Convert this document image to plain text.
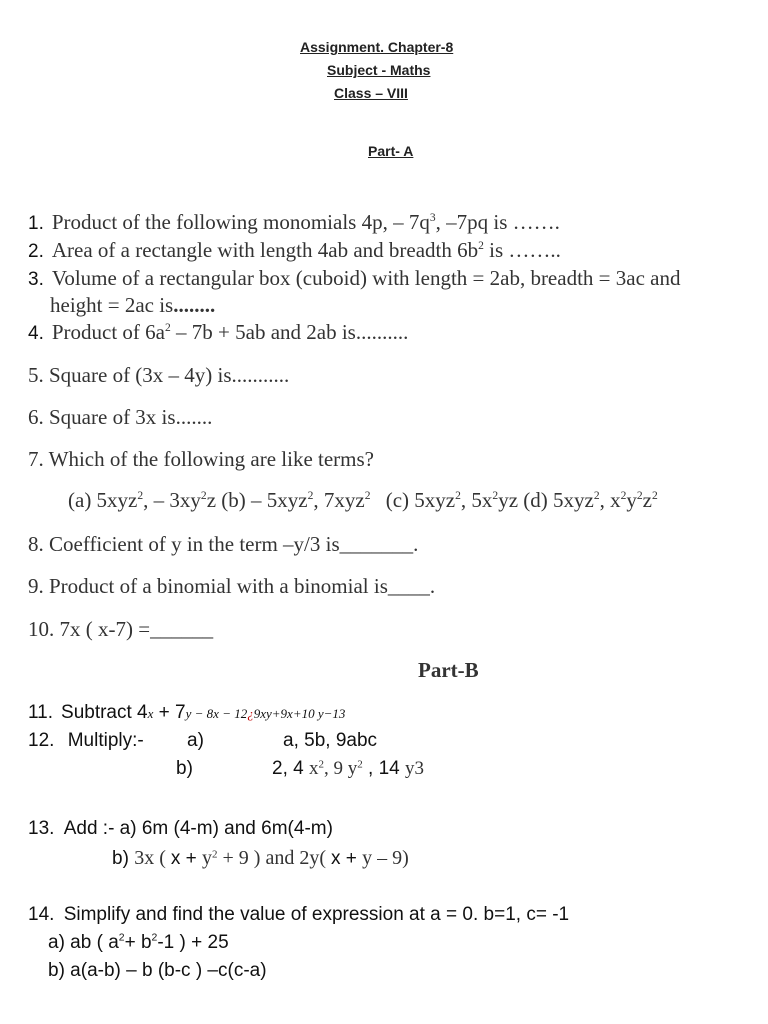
Assignment. Chapter-8
Subject - Maths
Class – VIII
Part- A
1. Product of the following monomials 4p, – $7q^3$, –7pq is …….
2. Area of a rectangle with length 4ab and breadth $6b^2$ is ……..
3. Volume of a rectangular box (cuboid) with length = 2ab, breadth = 3ac and
height = 2ac is........
4. Product of $6a^2 - 7b + 5ab$ and 2ab is..........
5. Square of (3x – 4y) is...........
6. Square of 3x is.......
7. Which of the following are like terms?
(a) 5xyz$^2$, – $3xy^2z$ (b) – 5xyz$^2$, 7xyz$^2$ (c) 5xyz$^2$, $5x^2yz$ (d) 5xyz$^2$, $x^2y^2z^2$
8. Coefficient of y in the term –y/3 is_______.
9. Product of a binomial with a binomial is____.
10. 7x ( x-7) =______
Part-B
11. Subtract 4x + 7y − 8x − 12¿9xy+9x+10 y−13
12. Multiply:- a)	a, 5b, 9abc
b)	2, 4 $x^2$, 9 $y^2$ , 14 y3
13. Add :- a) 6m (4-m) and 6m(4-m)
b) 3x ( $x + y^2 + 9$ ) and 2y( x + y – 9)
14. Simplify and find the value of expression at a = 0. b=1, c= -1
a) ab ( $a^2+ b^2-1$ ) + 25
b) a(a-b) – b (b-c ) –c(c-a)
